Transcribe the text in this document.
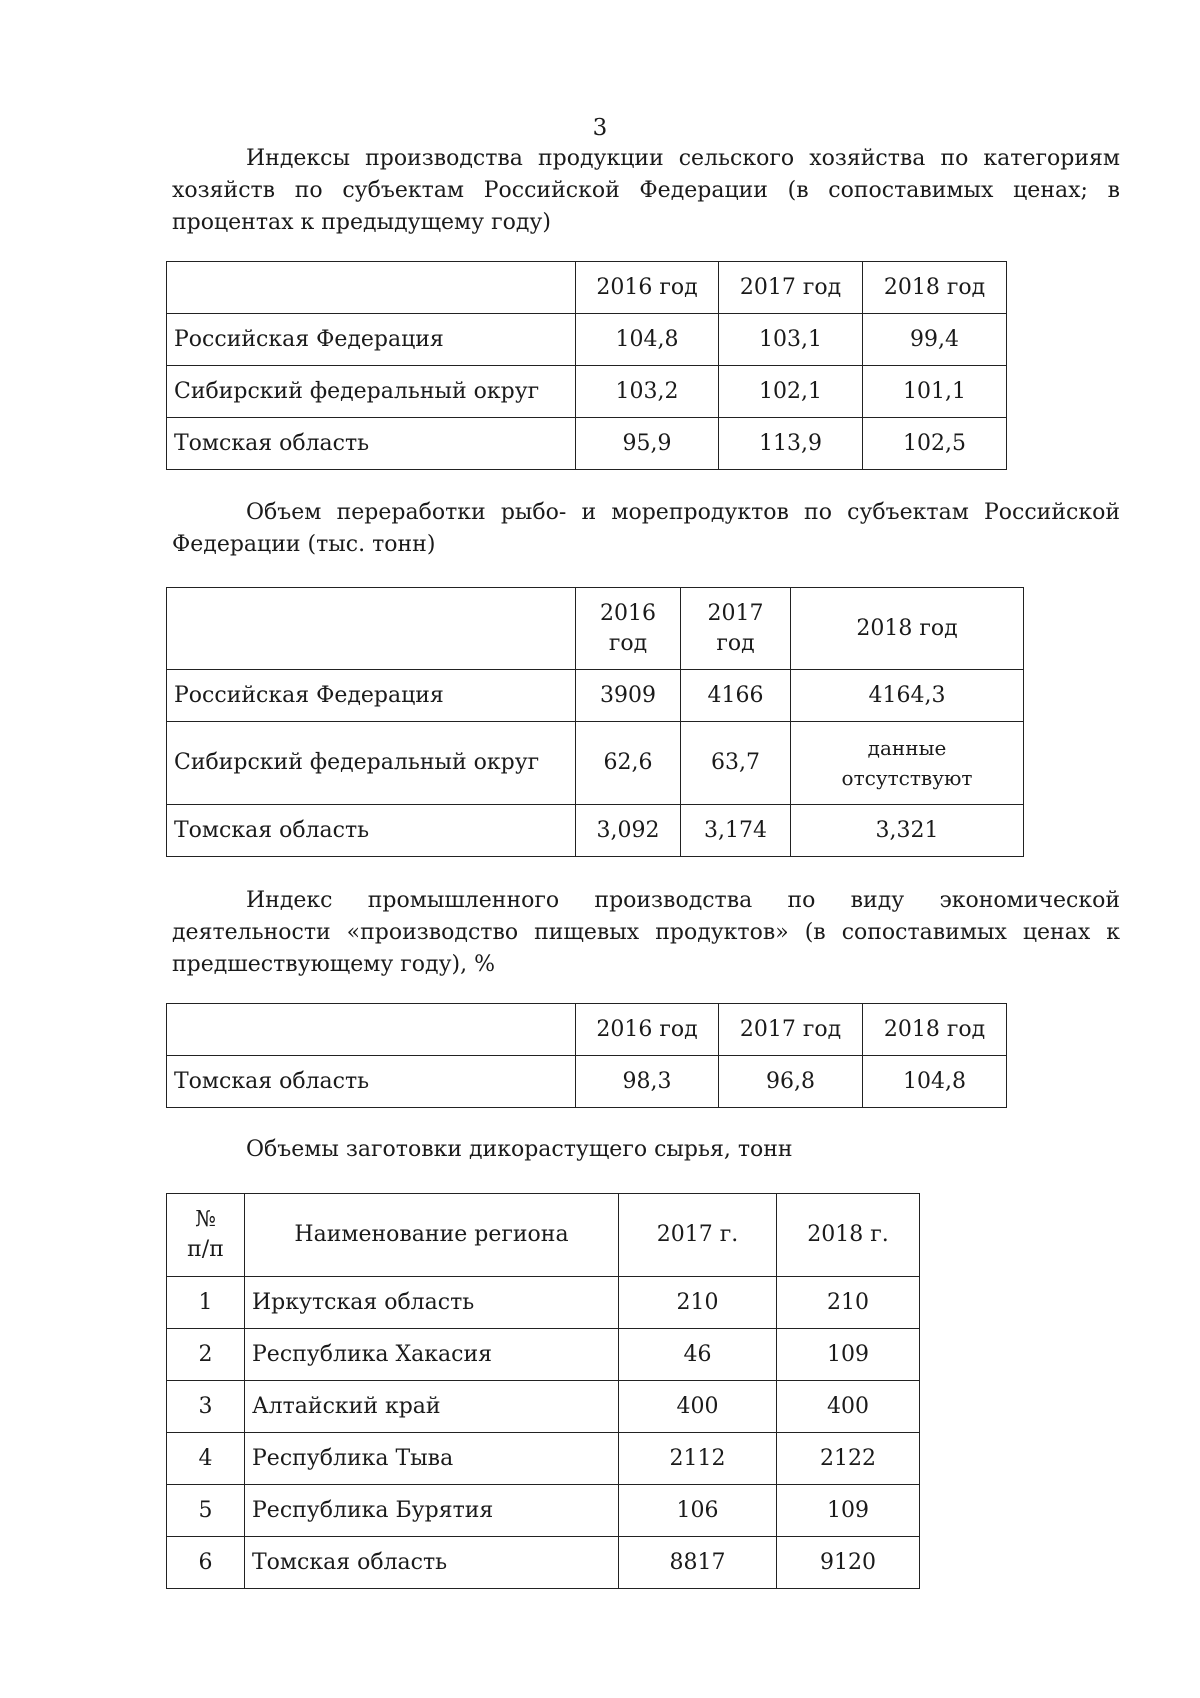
3

Индексы производства продукции сельского хозяйства по категориям хозяйств по субъектам Российской Федерации (в сопоставимых ценах; в процентах к предыдущему году)

	2016 год	2017 год	2018 год
Российская Федерация	104,8	103,1	99,4
Сибирский федеральный округ	103,2	102,1	101,1
Томская область	95,9	113,9	102,5

Объем переработки рыбо- и морепродуктов по субъектам Российской Федерации (тыс. тонн)

	2016 год	2017 год	2018 год
Российская Федерация	3909	4166	4164,3
Сибирский федеральный округ	62,6	63,7	данные отсутствуют
Томская область	3,092	3,174	3,321

Индекс промышленного производства по виду экономической деятельности «производство пищевых продуктов» (в сопоставимых ценах к предшествующему году), %

	2016 год	2017 год	2018 год
Томская область	98,3	96,8	104,8

Объемы заготовки дикорастущего сырья, тонн

№ п/п	Наименование региона	2017 г.	2018 г.
1	Иркутская область	210	210
2	Республика Хакасия	46	109
3	Алтайский край	400	400
4	Республика Тыва	2112	2122
5	Республика Бурятия	106	109
6	Томская область	8817	9120
